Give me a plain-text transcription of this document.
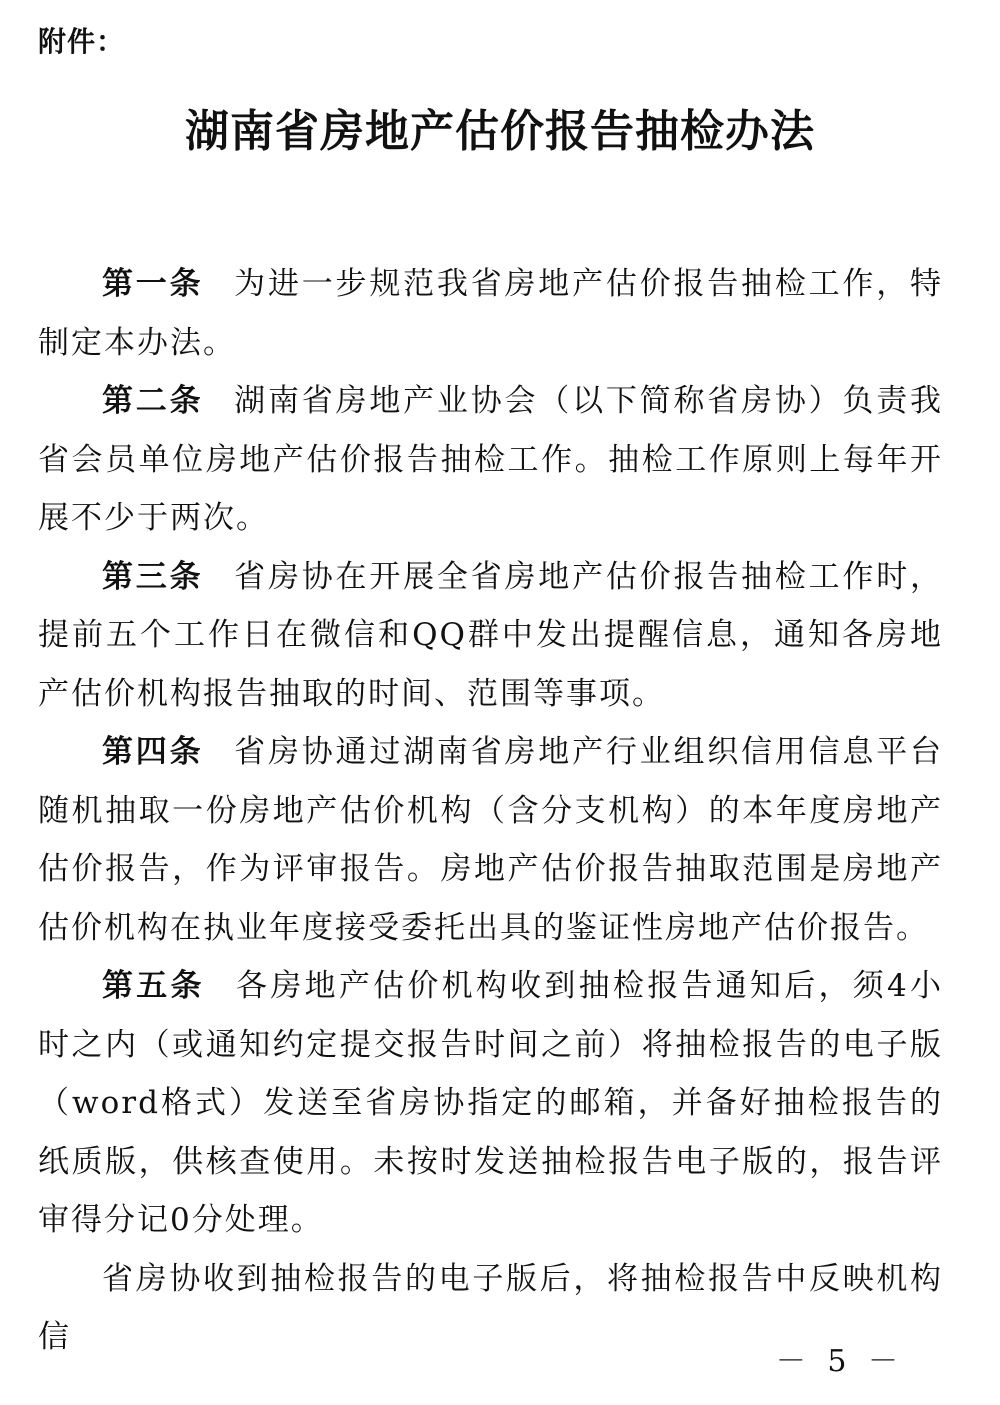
附件：
湖南省房地产估价报告抽检办法

第一条 为进一步规范我省房地产估价报告抽检工作，特制定本办法。

第二条 湖南省房地产业协会（以下简称省房协）负责我省会员单位房地产估价报告抽检工作。抽检工作原则上每年开展不少于两次。

第三条 省房协在开展全省房地产估价报告抽检工作时，提前五个工作日在微信和QQ群中发出提醒信息，通知各房地产估价机构报告抽取的时间、范围等事项。

第四条 省房协通过湖南省房地产行业组织信用信息平台随机抽取一份房地产估价机构（含分支机构）的本年度房地产估价报告，作为评审报告。房地产估价报告抽取范围是房地产估价机构在执业年度接受委托出具的鉴证性房地产估价报告。

第五条 各房地产估价机构收到抽检报告通知后，须4小时之内（或通知约定提交报告时间之前）将抽检报告的电子版（word格式）发送至省房协指定的邮箱，并备好抽检报告的纸质版，供核查使用。未按时发送抽检报告电子版的，报告评审得分记0分处理。

省房协收到抽检报告的电子版后，将抽检报告中反映机构信

－ 5 －
